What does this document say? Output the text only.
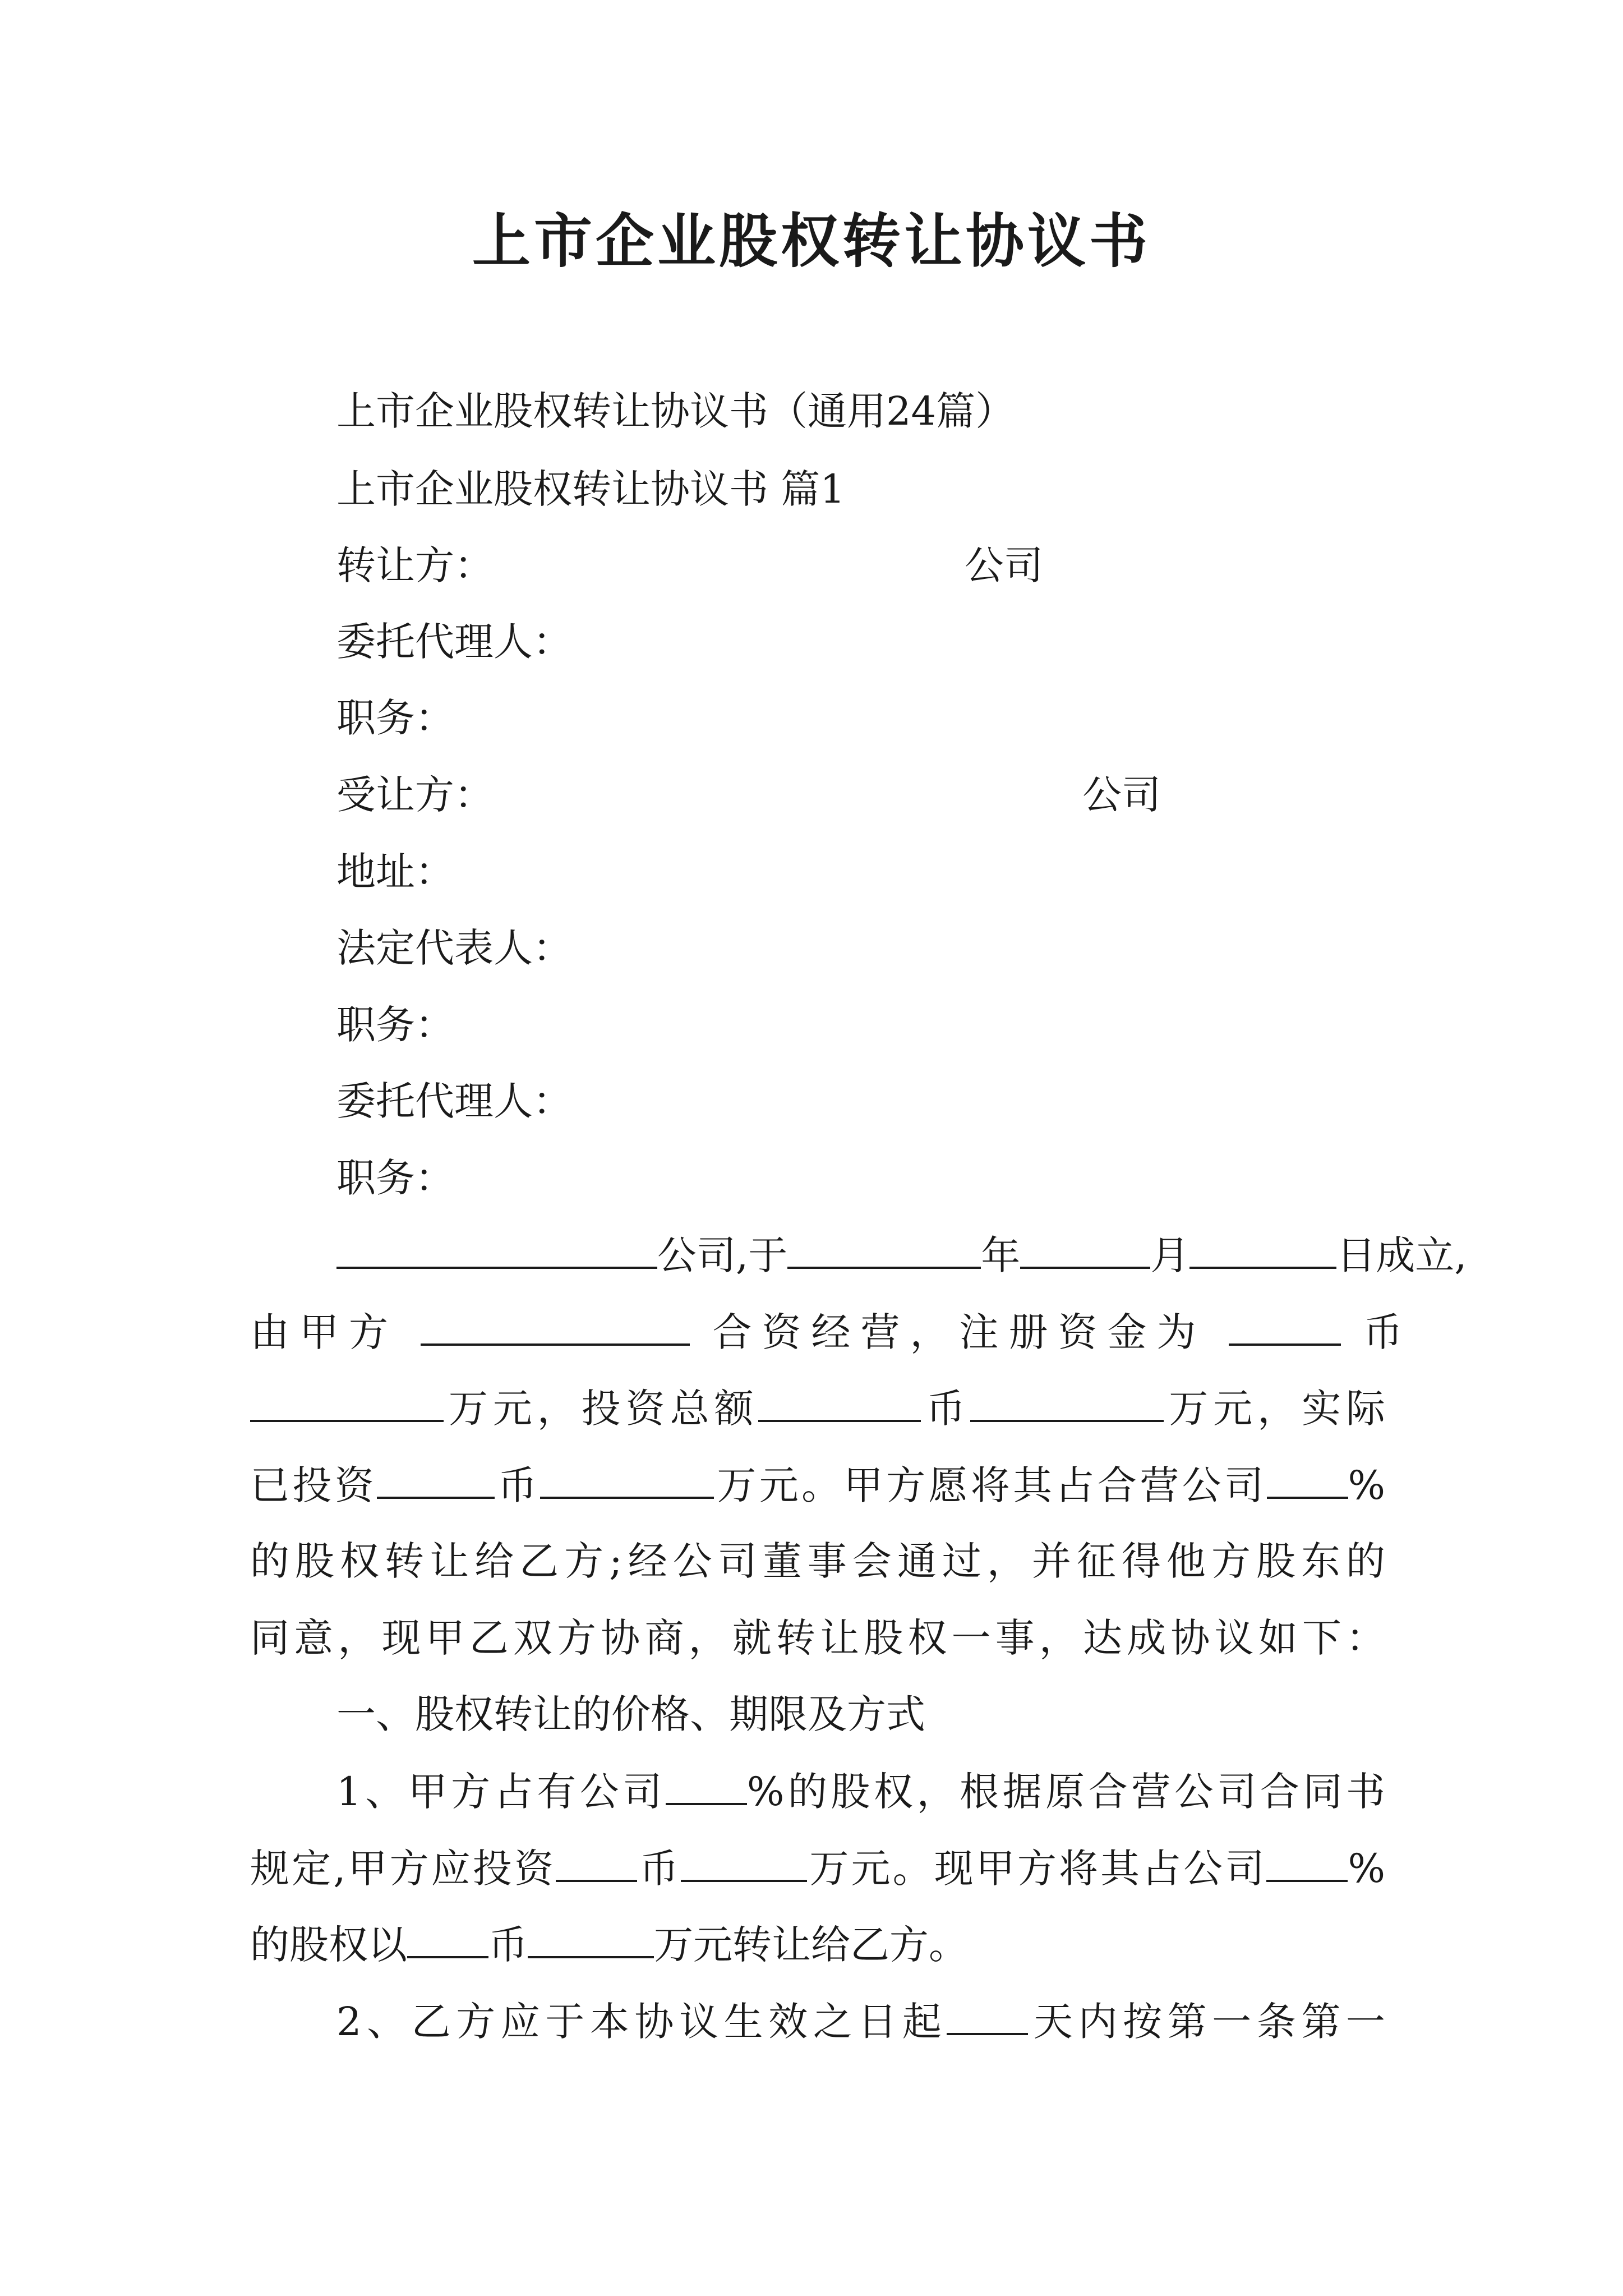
上市企业股权转让协议书
上市企业股权转让协议书（通用24篇）
上市企业股权转让协议书 篇1
转让方：	公司
委托代理人：
职务：
受让方：	公司
地址：
法定代表人：
职务：
委托代理人：
职务：
公司,于	年	月	日成立,
由甲方	合资经营，注册资金为	币
万元，投资总额	币	万元，实际
已投资	币	万元。甲方愿将其占合营公司 %
的股权转让给乙方;经公司董事会通过，并征得他方股东的
同意，现甲乙双方协商，就转让股权一事，达成协议如下：
一、股权转让的价格、期限及方式
1、甲方占有公司 %的股权，根据原合营公司合同书
规定,甲方应投资 币	万元。现甲方将其占公司 %
的股权以 币	万元转让给乙方。
2、乙方应于本协议生效之日起 天内按第一条第一
